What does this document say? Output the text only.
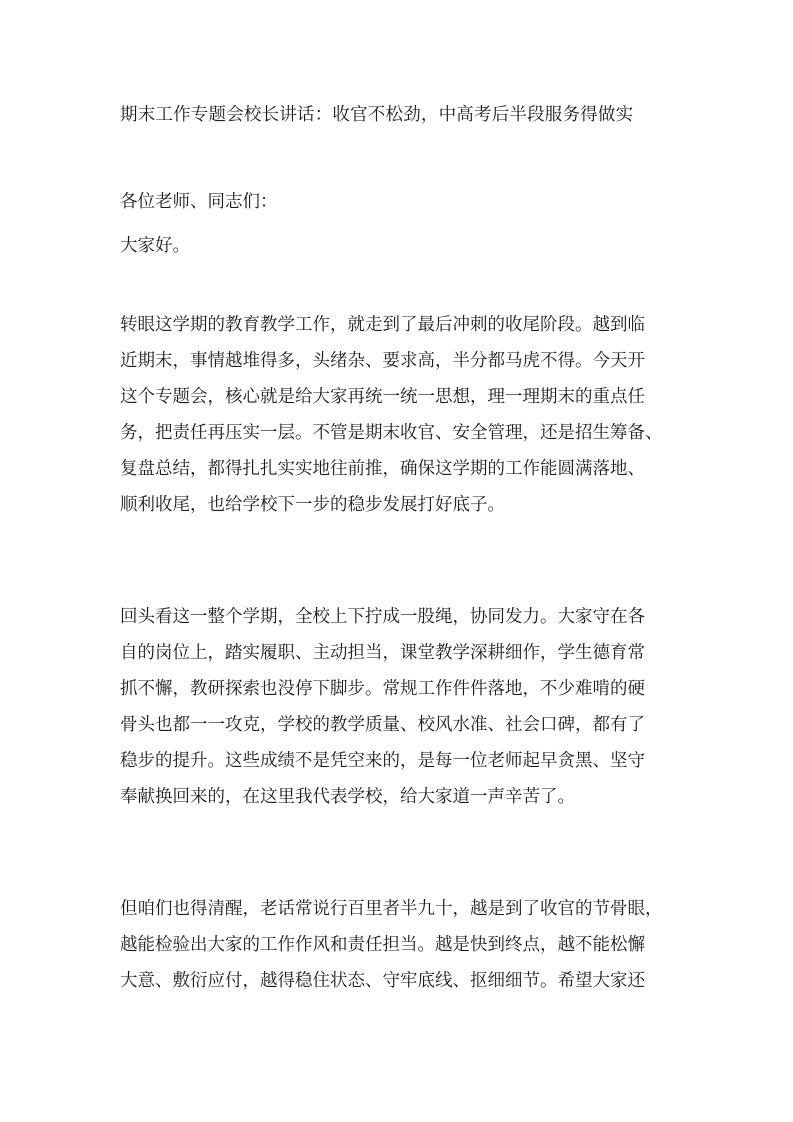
期末工作专题会校长讲话：收官不松劲，中高考后半段服务得做实
各位老师、同志们：
大家好。
转眼这学期的教育教学工作，就走到了最后冲刺的收尾阶段。越到临
近期末，事情越堆得多，头绪杂、要求高，半分都马虎不得。今天开
这个专题会，核心就是给大家再统一统一思想，理一理期末的重点任
务，把责任再压实一层。不管是期末收官、安全管理，还是招生筹备、
复盘总结，都得扎扎实实地往前推，确保这学期的工作能圆满落地、
顺利收尾，也给学校下一步的稳步发展打好底子。
回头看这一整个学期，全校上下拧成一股绳，协同发力。大家守在各
自的岗位上，踏实履职、主动担当，课堂教学深耕细作，学生德育常
抓不懈，教研探索也没停下脚步。常规工作件件落地，不少难啃的硬
骨头也都一一攻克，学校的教学质量、校风水准、社会口碑，都有了
稳步的提升。这些成绩不是凭空来的，是每一位老师起早贪黑、坚守
奉献换回来的，在这里我代表学校，给大家道一声辛苦了。
但咱们也得清醒，老话常说行百里者半九十，越是到了收官的节骨眼，
越能检验出大家的工作作风和责任担当。越是快到终点，越不能松懈
大意、敷衍应付，越得稳住状态、守牢底线、抠细细节。希望大家还
